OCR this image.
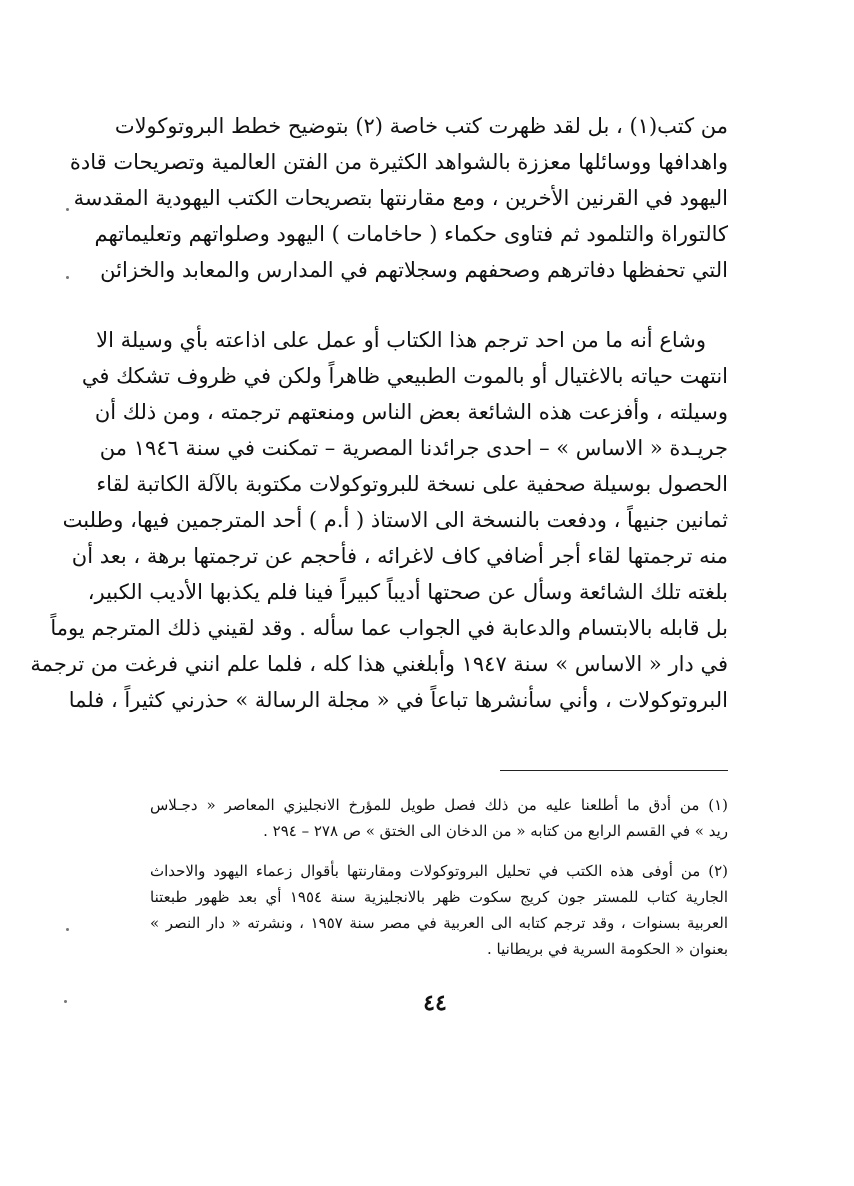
من كتب(١) ، بل لقد ظهرت كتب خاصة (٢) بتوضيح خطط البروتوكولات
واهدافها ووسائلها معززة بالشواهد الكثيرة من الفتن العالمية وتصريحات قادة
اليهود في القرنين الأخرين ، ومع مقارنتها بتصريحات الكتب اليهودية المقدسة
كالتوراة والتلمود ثم فتاوى حكماء ( حاخامات ) اليهود وصلواتهم وتعليماتهم
التي تحفظها دفاترهم وصحفهم وسجلاتهم في المدارس والمعابد والخزائن
وشاع أنه ما من احد ترجم هذا الكتاب أو عمل على اذاعته بأي وسيلة الا
انتهت حياته بالاغتيال أو بالموت الطبيعي ظاهراً ولكن في ظروف تشكك في
وسيلته ، وأفزعت هذه الشائعة بعض الناس ومنعتهم ترجمته ، ومن ذلك أن
جريـدة « الاساس » – احدى جرائدنا المصرية – تمكنت في سنة ١٩٤٦ من
الحصول بوسيلة صحفية على نسخة للبروتوكولات مكتوبة بالآلة الكاتبة لقاء
ثمانين جنيهاً ، ودفعت بالنسخة الى الاستاذ ( أ.م ) أحد المترجمين فيها، وطلبت
منه ترجمتها لقاء أجر أضافي كاف لاغرائه ، فأحجم عن ترجمتها برهة ، بعد أن
بلغته تلك الشائعة وسأل عن صحتها أديباً كبيراً فينا فلم يكذبها الأديب الكبير،
بل قابله بالابتسام والدعابة في الجواب عما سأله . وقد لقيني ذلك المترجم يوماً
في دار « الاساس » سنة ١٩٤٧ وأبلغني هذا كله ، فلما علم انني فرغت من ترجمة
البروتوكولات ، وأني سأنشرها تباعاً في « مجلة الرسالة » حذرني كثيراً ، فلما
(١) من أدق ما أطلعنا عليه من ذلك فصل طويل للمؤرخ الانجليزي المعاصر « دجـلاس
ريد » في القسم الرابع من كتابه « من الدخان الى الختق » ص ٢٧٨ – ٢٩٤ .
(٢) من أوفى هذه الكتب في تحليل البروتوكولات ومقارنتها بأقوال زعماء اليهود والاحداث
الجارية كتاب للمستر جون كريج سكوت ظهر بالانجليزية سنة ١٩٥٤ أي بعد ظهور طبعتنا
العربية بسنوات ، وقد ترجم كتابه الى العربية في مصر سنة ١٩٥٧ ، ونشرته « دار النصر »
بعنوان « الحكومة السرية في بريطانيا .
٤٤
